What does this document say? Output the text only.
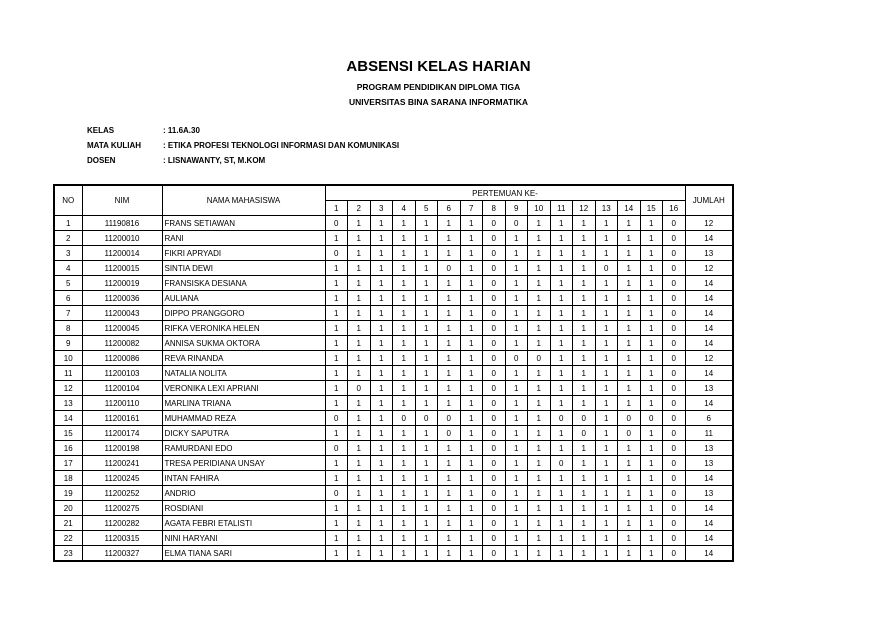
ABSENSI KELAS HARIAN
PROGRAM PENDIDIKAN DIPLOMA TIGA
UNIVERSITAS BINA SARANA INFORMATIKA
KELAS	: 11.6A.30
MATA KULIAH	: ETIKA PROFESI TEKNOLOGI INFORMASI DAN KOMUNIKASI
DOSEN	: LISNAWANTY, ST, M.KOM
NO	NIM	NAMA MAHASISWA	PERTEMUAN KE-																JUMLAH
			1	2	3	4	5	6	7	8	9	10	11	12	13	14	15	16	
1	11190816	FRANS SETIAWAN	0	1	1	1	1	1	1	0	0	1	1	1	1	1	1	0	12
2	11200010	RANI	1	1	1	1	1	1	1	0	1	1	1	1	1	1	1	0	14
3	11200014	FIKRI APRYADI	0	1	1	1	1	1	1	0	1	1	1	1	1	1	1	0	13
4	11200015	SINTIA DEWI	1	1	1	1	1	0	1	0	1	1	1	1	0	1	1	0	12
5	11200019	FRANSISKA DESIANA	1	1	1	1	1	1	1	0	1	1	1	1	1	1	1	0	14
6	11200036	AULIANA	1	1	1	1	1	1	1	0	1	1	1	1	1	1	1	0	14
7	11200043	DIPPO PRANGGORO	1	1	1	1	1	1	1	0	1	1	1	1	1	1	1	0	14
8	11200045	RIFKA VERONIKA HELEN	1	1	1	1	1	1	1	0	1	1	1	1	1	1	1	0	14
9	11200082	ANNISA SUKMA OKTORA	1	1	1	1	1	1	1	0	1	1	1	1	1	1	1	0	14
10	11200086	REVA RINANDA	1	1	1	1	1	1	1	0	0	0	1	1	1	1	1	0	12
11	11200103	NATALIA NOLITA	1	1	1	1	1	1	1	0	1	1	1	1	1	1	1	0	14
12	11200104	VERONIKA LEXI APRIANI	1	0	1	1	1	1	1	0	1	1	1	1	1	1	1	0	13
13	11200110	MARLINA TRIANA	1	1	1	1	1	1	1	0	1	1	1	1	1	1	1	0	14
14	11200161	MUHAMMAD REZA	0	1	1	0	0	0	1	0	1	1	0	0	1	0	0	0	6
15	11200174	DICKY SAPUTRA	1	1	1	1	1	0	1	0	1	1	1	0	1	0	1	0	11
16	11200198	RAMURDANI EDO	0	1	1	1	1	1	1	0	1	1	1	1	1	1	1	0	13
17	11200241	TRESA PERIDIANA UNSAY	1	1	1	1	1	1	1	0	1	1	0	1	1	1	1	0	13
18	11200245	INTAN FAHIRA	1	1	1	1	1	1	1	0	1	1	1	1	1	1	1	0	14
19	11200252	ANDRIO	0	1	1	1	1	1	1	0	1	1	1	1	1	1	1	0	13
20	11200275	ROSDIANI	1	1	1	1	1	1	1	0	1	1	1	1	1	1	1	0	14
21	11200282	AGATA FEBRI ETALISTI	1	1	1	1	1	1	1	0	1	1	1	1	1	1	1	0	14
22	11200315	NINI HARYANI	1	1	1	1	1	1	1	0	1	1	1	1	1	1	1	0	14
23	11200327	ELMA TIANA SARI	1	1	1	1	1	1	1	0	1	1	1	1	1	1	1	0	14
